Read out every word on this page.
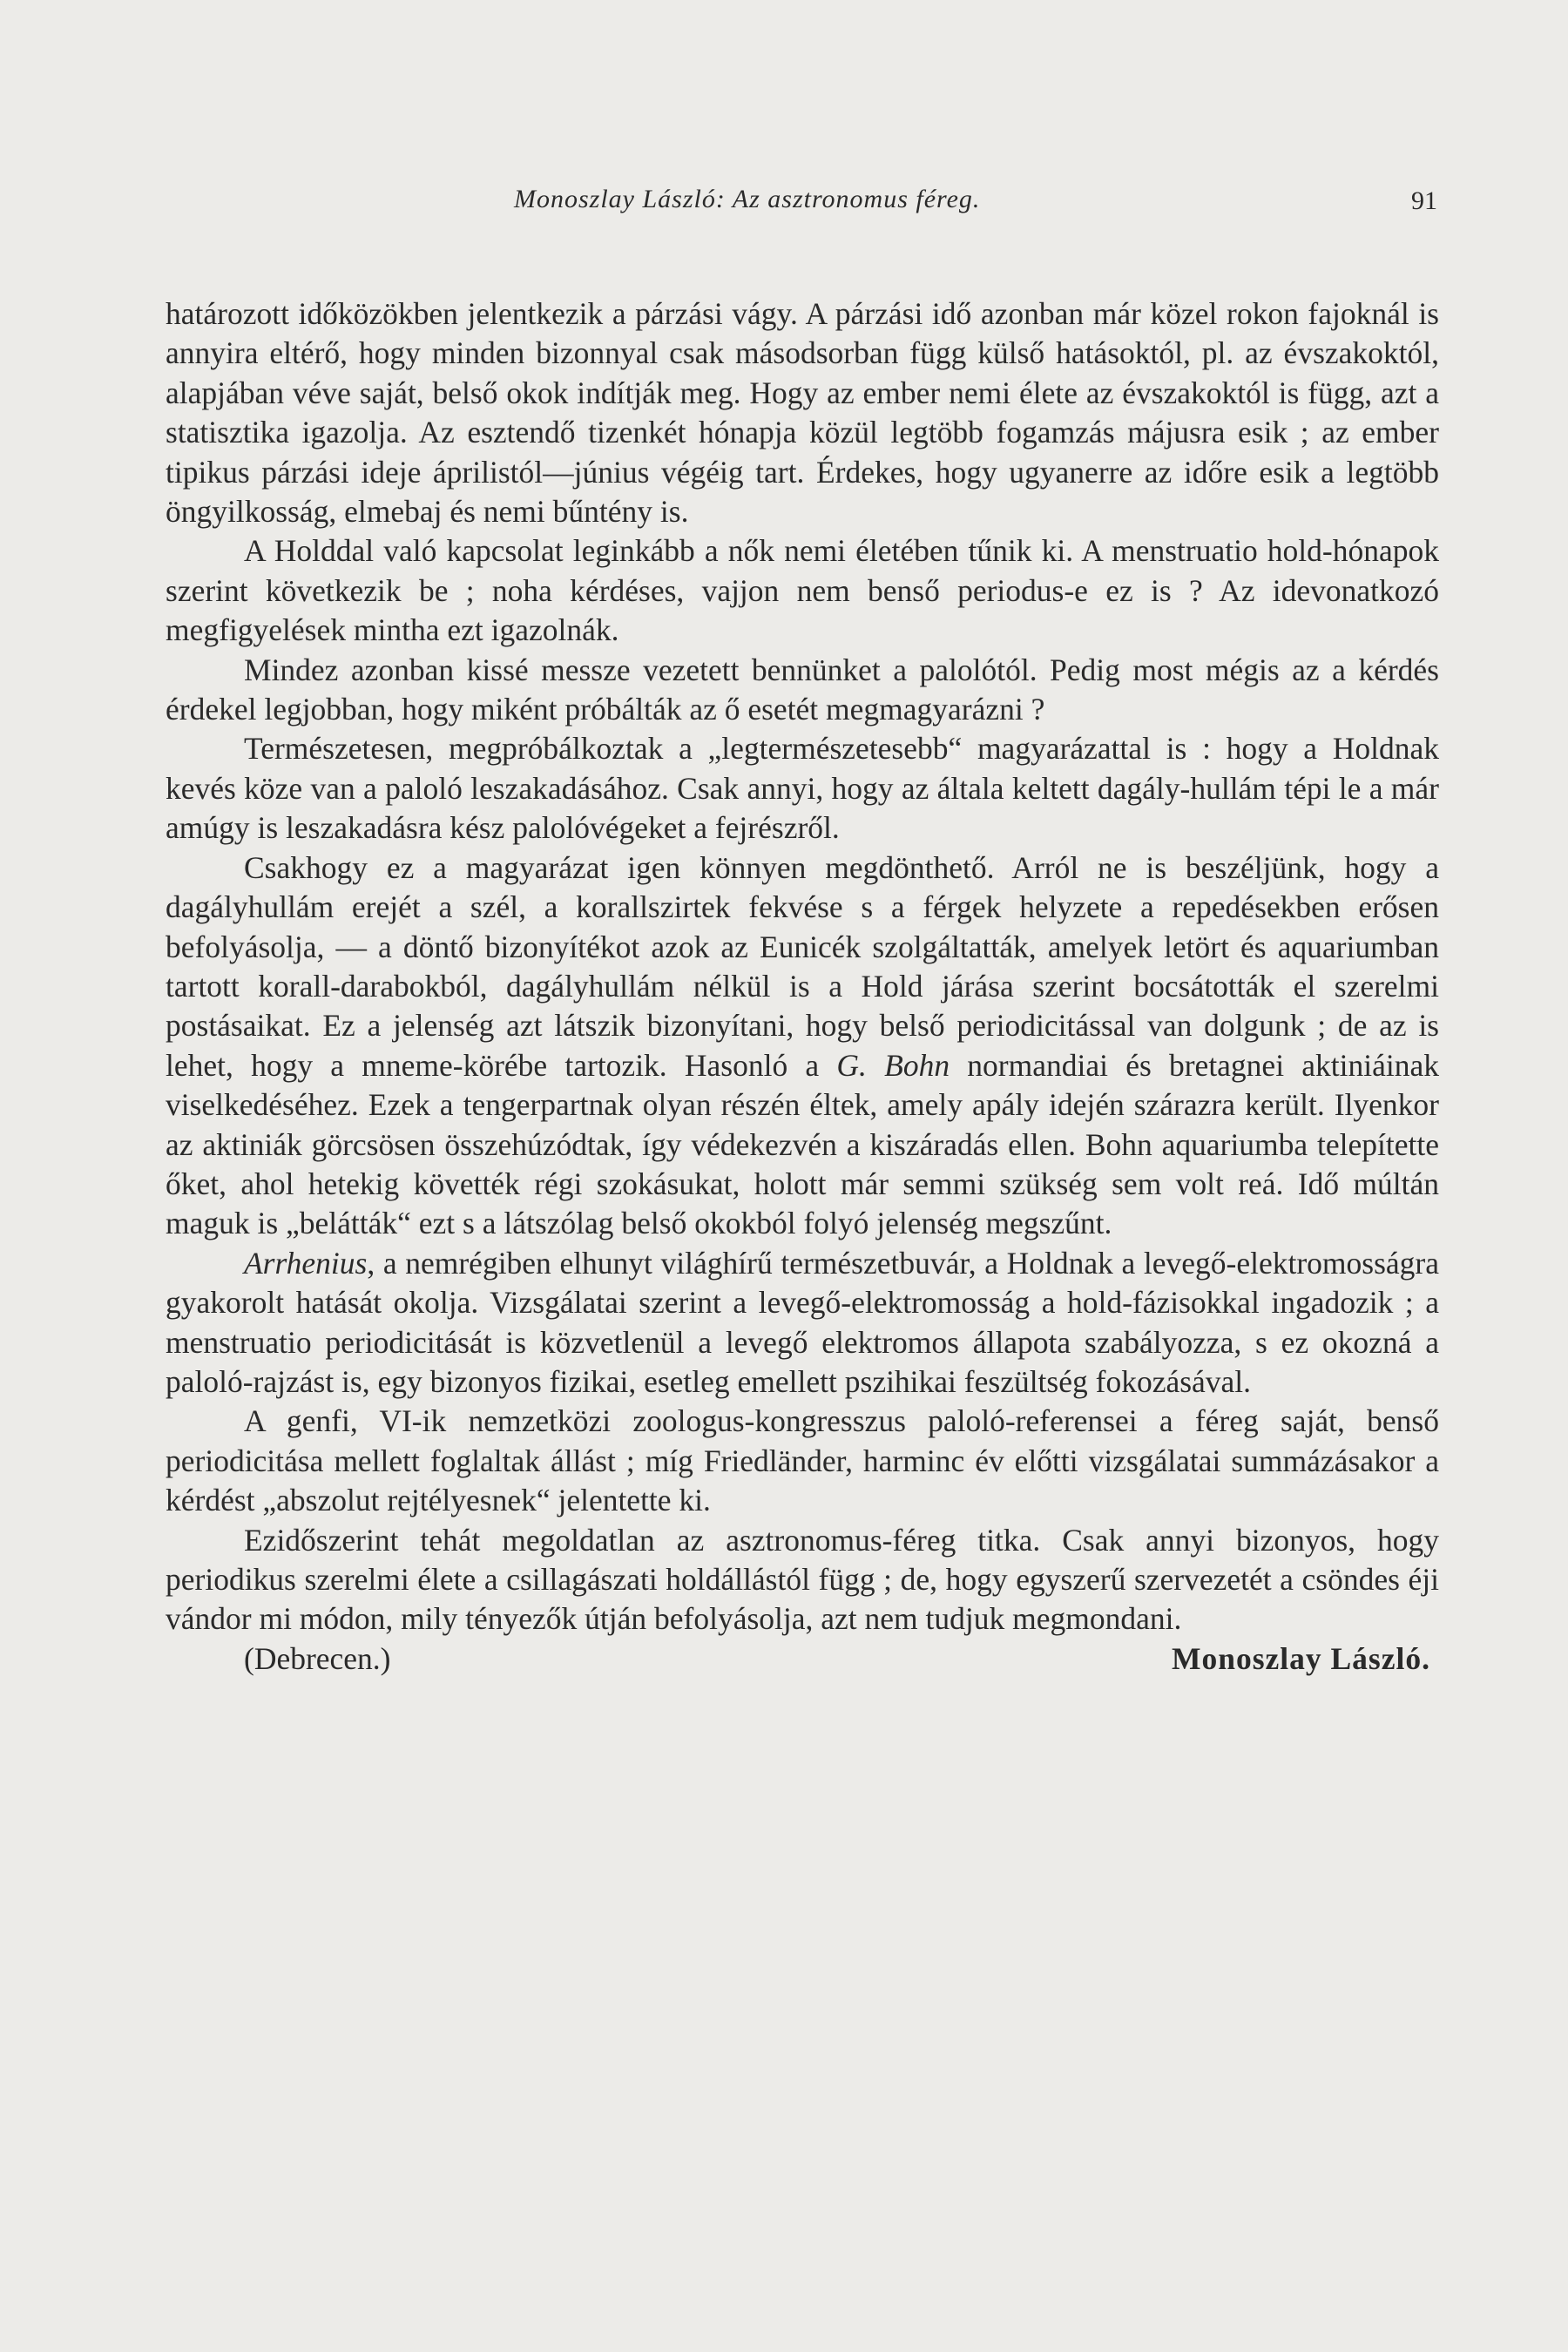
Monoszlay László: Az asztronomus féreg.	91

határozott időközökben jelentkezik a párzási vágy. A párzási idő azonban már közel rokon fajoknál is annyira eltérő, hogy minden bizonnyal csak másodsorban függ külső hatásoktól, pl. az évszakoktól, alapjában véve saját, belső okok indítják meg. Hogy az ember nemi élete az évszakoktól is függ, azt a statisztika igazolja. Az esztendő tizenkét hónapja közül legtöbb fogamzás májusra esik ; az ember tipikus párzási ideje áprilistól—június végéig tart. Érdekes, hogy ugyanerre az időre esik a legtöbb öngyilkosság, elmebaj és nemi bűntény is.

A Holddal való kapcsolat leginkább a nők nemi életében tűnik ki. A menstruatio hold-hónapok szerint következik be ; noha kérdéses, vajjon nem benső periodus-e ez is ? Az idevonatkozó megfigyelések mintha ezt igazolnák.

Mindez azonban kissé messze vezetett bennünket a palolótól. Pedig most mégis az a kérdés érdekel legjobban, hogy miként próbálták az ő esetét megmagyarázni ?

Természetesen, megpróbálkoztak a „legtermészetesebb“ magyarázattal is : hogy a Holdnak kevés köze van a paloló leszakadásához. Csak annyi, hogy az általa keltett dagály-hullám tépi le a már amúgy is leszakadásra kész palolóvégeket a fejrészről.

Csakhogy ez a magyarázat igen könnyen megdönthető. Arról ne is beszéljünk, hogy a dagályhullám erejét a szél, a korallszirtek fekvése s a férgek helyzete a repedésekben erősen befolyásolja, — a döntő bizonyítékot azok az Eunicék szolgáltatták, amelyek letört és aquariumban tartott korall-darabokból, dagályhullám nélkül is a Hold járása szerint bocsátották el szerelmi postásaikat. Ez a jelenség azt látszik bizonyítani, hogy belső periodicitással van dolgunk ; de az is lehet, hogy a mneme-körébe tartozik. Hasonló a G. Bohn normandiai és bretagnei aktiniáinak viselkedéséhez. Ezek a tengerpartnak olyan részén éltek, amely apály idején szárazra került. Ilyenkor az aktiniák görcsösen összehúzódtak, így védekezvén a kiszáradás ellen. Bohn aquariumba telepítette őket, ahol hetekig követték régi szokásukat, holott már semmi szükség sem volt reá. Idő múltán maguk is „belátták“ ezt s a látszólag belső okokból folyó jelenség megszűnt.

Arrhenius, a nemrégiben elhunyt világhírű természetbuvár, a Holdnak a levegő-elektromosságra gyakorolt hatását okolja. Vizsgálatai szerint a levegő-elektromosság a hold-fázisokkal ingadozik ; a menstruatio periodicitását is közvetlenül a levegő elektromos állapota szabályozza, s ez okozná a paloló-rajzást is, egy bizonyos fizikai, esetleg emellett pszihikai feszültség fokozásával.

A genfi, VI-ik nemzetközi zoologus-kongresszus paloló-referensei a féreg saját, benső periodicitása mellett foglaltak állást ; míg Friedländer, harminc év előtti vizsgálatai summázásakor a kérdést „abszolut rejtélyesnek“ jelentette ki.

Ezidőszerint tehát megoldatlan az asztronomus-féreg titka. Csak annyi bizonyos, hogy periodikus szerelmi élete a csillagászati holdállástól függ ; de, hogy egyszerű szervezetét a csöndes éji vándor mi módon, mily tényezők útján befolyásolja, azt nem tudjuk megmondani.

(Debrecen.)	Monoszlay László.
